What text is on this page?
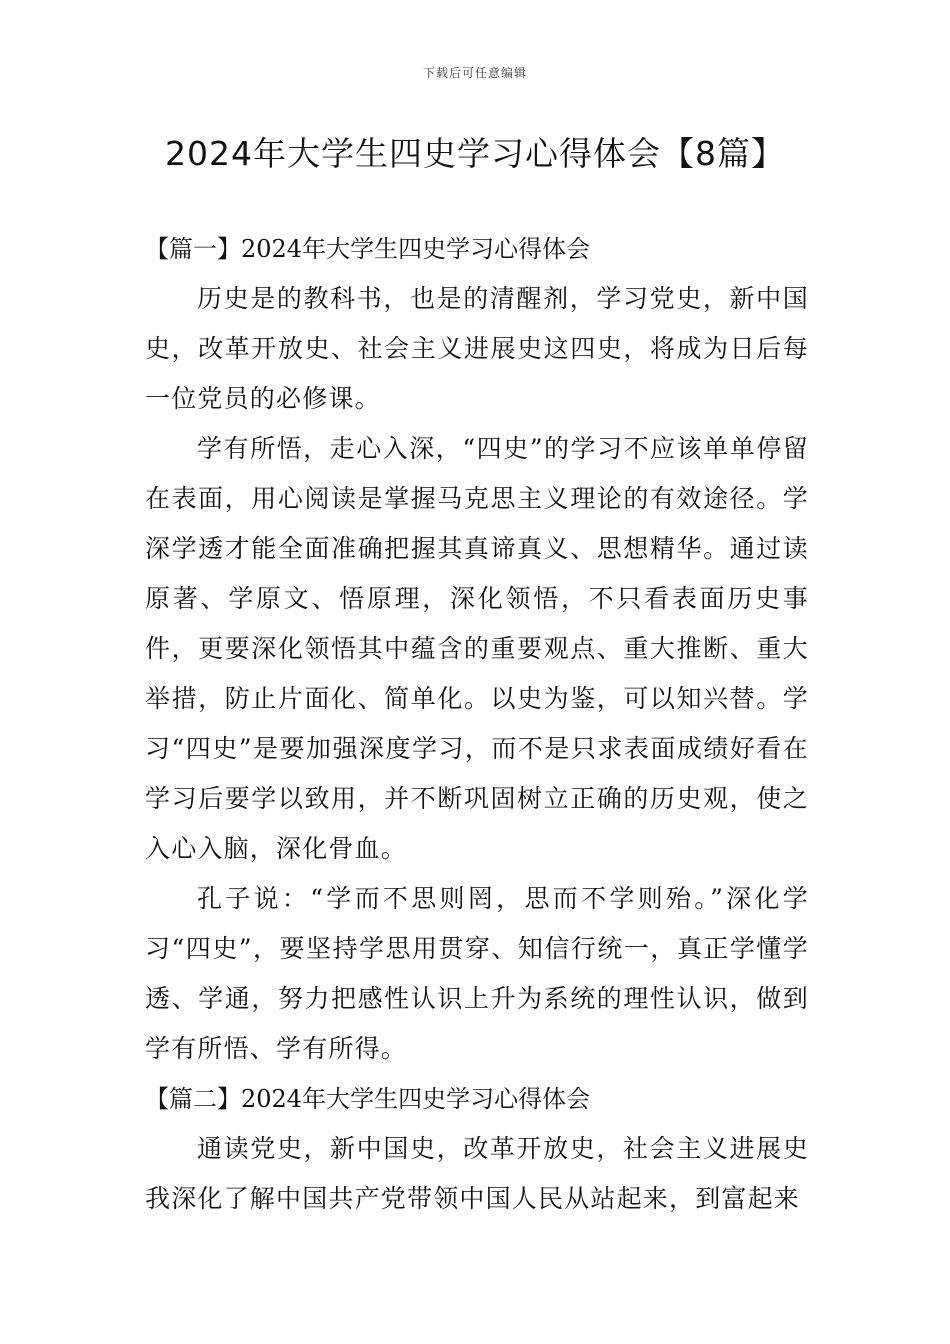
下载后可任意编辑
2024年大学生四史学习心得体会【8篇】

【篇一】2024年大学生四史学习心得体会

历史是的教科书，也是的清醒剂，学习党史，新中国史，改革开放史、社会主义进展史这四史，将成为日后每一位党员的必修课。

学有所悟，走心入深，“四史”的学习不应该单单停留在表面，用心阅读是掌握马克思主义理论的有效途径。学深学透才能全面准确把握其真谛真义、思想精华。通过读原著、学原文、悟原理，深化领悟，不只看表面历史事件，更要深化领悟其中蕴含的重要观点、重大推断、重大举措，防止片面化、简单化。以史为鉴，可以知兴替。学习“四史”是要加强深度学习，而不是只求表面成绩好看在学习后要学以致用，并不断巩固树立正确的历史观，使之入心入脑，深化骨血。

孔子说：“学而不思则罔，思而不学则殆。”深化学习“四史”，要坚持学思用贯穿、知信行统一，真正学懂学透、学通，努力把感性认识上升为系统的理性认识，做到学有所悟、学有所得。

【篇二】2024年大学生四史学习心得体会

通读党史，新中国史，改革开放史，社会主义进展史我深化了解中国共产党带领中国人民从站起来，到富起来
